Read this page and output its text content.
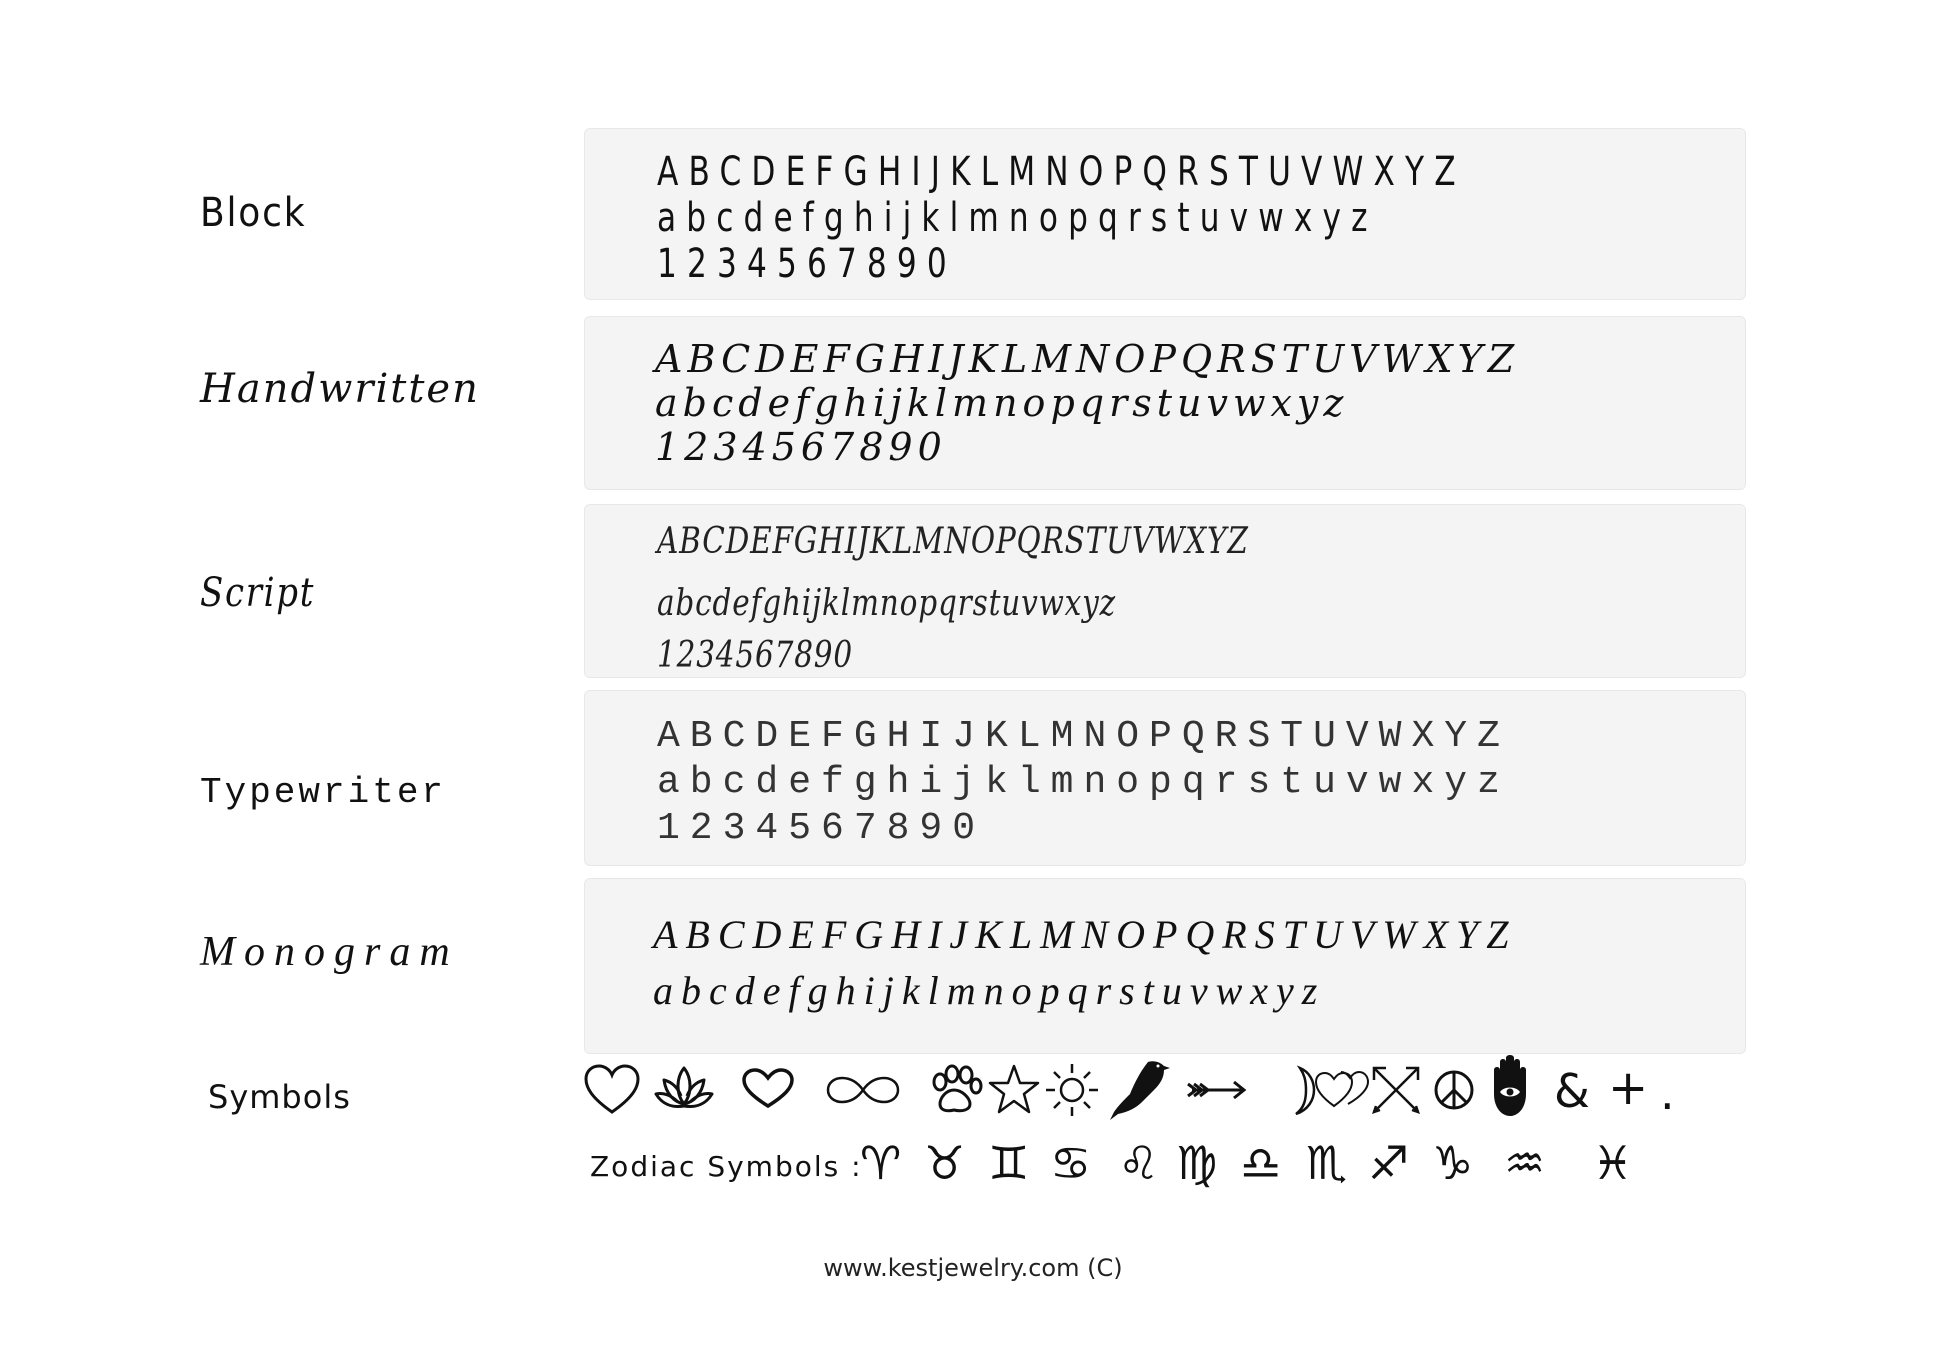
Block
ABCDEFGHIJKLMNOPQRSTUVWXYZ
abcdefghijklmnopqrstuvwxyz
1234567890
Handwritten
ABCDEFGHIJKLMNOPQRSTUVWXYZ
abcdefghijklmnopqrstuvwxyz
1234567890
Script
ABCDEFGHIJKLMNOPQRSTUVWXYZ
abcdefghijklmnopqrstuvwxyz
1234567890
Typewriter
ABCDEFGHIJKLMNOPQRSTUVWXYZ
abcdefghijklmnopqrstuvwxyz
1234567890
Monogram	ABCDEFGHIJKLMNOPQRSTUVWXYZ
abcdefghijklmnopqrstuvwxyz
Symbols	& + .
Zodiac Symbols :
♈ ♉ ♊ ♋ ♌ ♍ ♎ ♏ ♐ ♑ ♒ ♓
www.kestjewelry.com (C)
